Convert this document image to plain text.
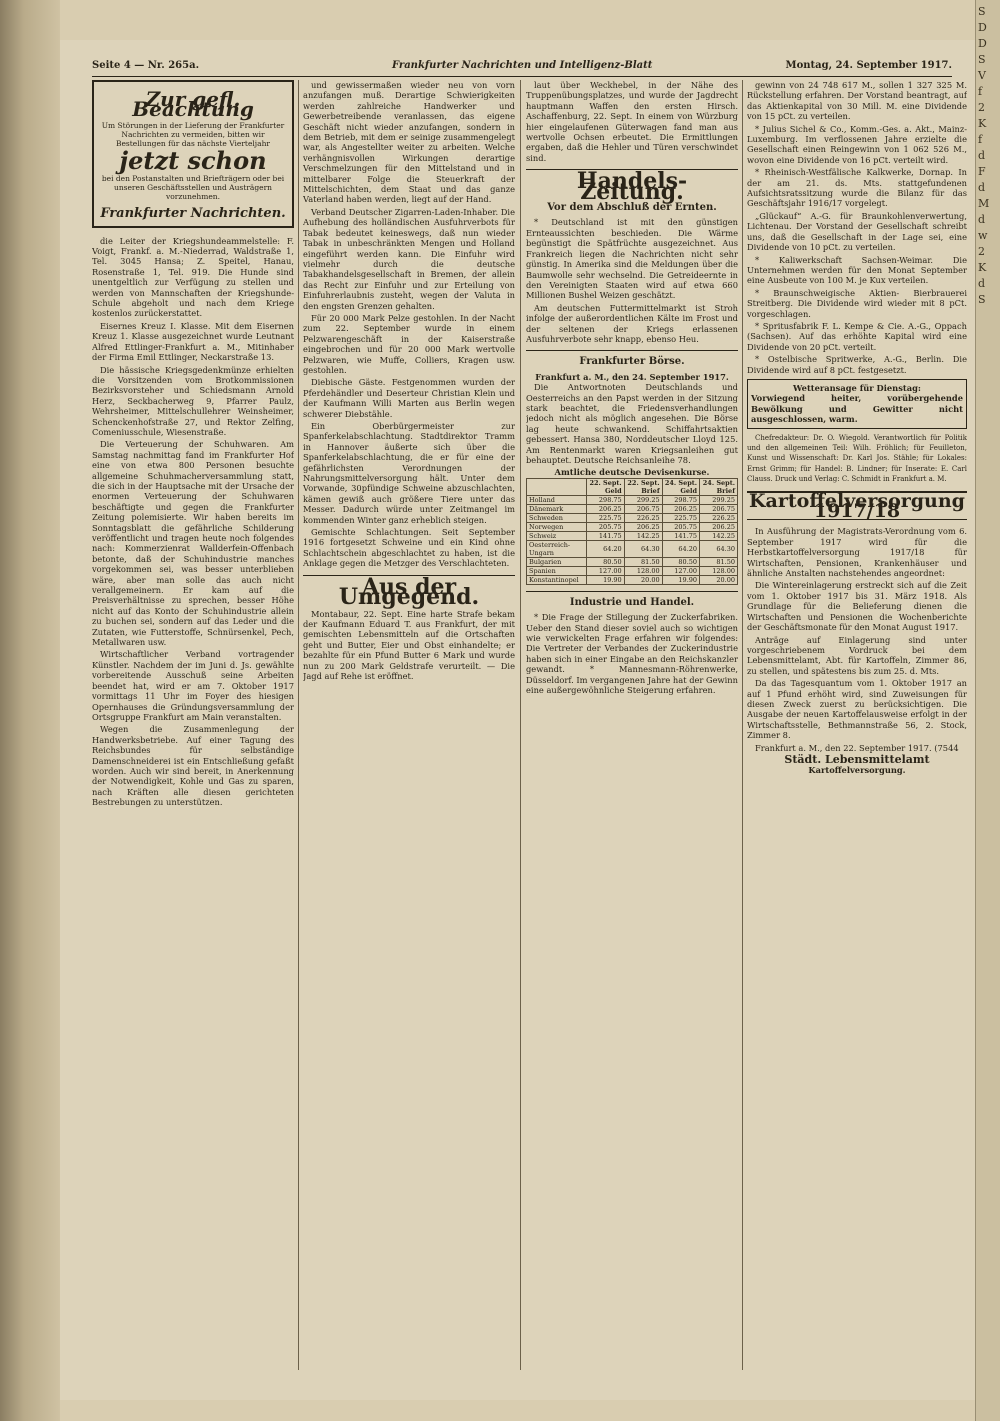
S
D
D
S
V
f
2
K
f
d
F
d
M
d
w
2
K
d
S
Seite 4 — Nr. 265a.	Frankfurter Nachrichten und Intelligenz-Blatt	Montag, 24. September 1917.
Zur gefl. Beachtung
Um Störungen in der Lieferung der Frankfurter Nachrichten zu vermeiden, bitten wir Bestellungen für das nächste Vierteljahr
jetzt schon
bei den Postanstalten und Briefträgern oder bei unseren Geschäftsstellen und Austrägern vorzunehmen.
Frankfurter Nachrichten.

die Leiter der Kriegshundeammelstelle: F. Voigt, Frankf. a. M.-Niederrad, Waldstraße 1, Tel. 3045 Hansa; Z. Speitel, Hanau, Rosenstraße 1, Tel. 919. Die Hunde sind unentgeltlich zur Verfügung zu stellen und werden von Mannschaften der Kriegshunde-Schule abgeholt und nach dem Kriege kostenlos zurückerstattet.

Eisernes Kreuz I. Klasse. Mit dem Eisernen Kreuz 1. Klasse ausgezeichnet wurde Leutnant Alfred Ettlinger-Frankfurt a. M., Mitinhaber der Firma Emil Ettlinger, Neckarstraße 13.

Die hässische Kriegsgedenkmünze erhielten die Vorsitzenden vom Brotkommissionen Bezirksvorsteher und Schiedsmann Arnold Herz, Seckbacherweg 9, Pfarrer Paulz, Wehrsheimer, Mittelschullehrer Weinsheimer, Schenckenhofstraße 27, und Rektor Zelfing, Comeniusschule, Wiesenstraße.

Die Verteuerung der Schuhwaren. Am Samstag nachmittag fand im Frankfurter Hof eine von etwa 800 Personen besuchte allgemeine Schuhmacherversammlung statt, die sich in der Hauptsache mit der Ursache der enormen Verteuerung der Schuhwaren beschäftigte und gegen die Frankfurter Zeitung polemisierte. Wir haben bereits im Sonntagsblatt die gefährliche Schilderung veröffentlicht und tragen heute noch folgendes nach: Kommerzienrat Wallderfein-Offenbach betonte, daß der Schuhindustrie manches vorgekommen sei, was besser unterblieben wäre, aber man solle das auch nicht verallgemeinern. Er kam auf die Preisverhältnisse zu sprechen, besser Höhe nicht auf das Konto der Schuhindustrie allein zu buchen sei, sondern auf das Leder und die Zutaten, wie Futterstoffe, Schnürsenkel, Pech, Metallwaren usw.

Wirtschaftlicher Verband vortragender Künstler. Nachdem der im Juni d. Js. gewählte vorbereitende Ausschuß seine Arbeiten beendet hat, wird er am 7. Oktober 1917 vormittags 11 Uhr im Foyer des hiesigen Opernhauses die Gründungsversammlung der Ortsgruppe Frankfurt am Main veranstalten.

Wegen die Zusammenlegung der Handwerksbetriebe. Auf einer Tagung des Reichsbundes für selbständige Damenschneiderei ist ein Entschließung gefaßt worden. Auch wir sind bereit, in Anerkennung der Notwendigkeit, Kohle und Gas zu sparen, nach Kräften alle diesen gerichteten Bestrebungen zu unterstützen.

und gewissermaßen wieder neu von vorn anzufangen muß. Derartige Schwierigkeiten werden zahlreiche Handwerker und Gewerbetreibende veranlassen, das eigene Geschäft nicht wieder anzufangen, sondern in dem Betrieb, mit dem er seinige zusammengelegt war, als Angestellter weiter zu arbeiten. Welche verhängnisvollen Wirkungen derartige Verschmelzungen für den Mittelstand und in mittelbarer Folge die Steuerkraft der Mittelschichten, dem Staat und das ganze Vaterland haben werden, liegt auf der Hand.

Verband Deutscher Zigarren-Laden-Inhaber. Die Aufhebung des holländischen Ausfuhrverbots für Tabak bedeutet keineswegs, daß nun wieder Tabak in unbeschränkten Mengen und Holland eingeführt werden kann. Die Einfuhr wird vielmehr durch die deutsche Tabakhandelsgesellschaft in Bremen, der allein das Recht zur Einfuhr und zur Erteilung von Einfuhrerlaubnis zusteht, wegen der Valuta in den engsten Grenzen gehalten.

Für 20 000 Mark Pelze gestohlen. In der Nacht zum 22. September wurde in einem Pelzwarengeschäft in der Kaiserstraße eingebrochen und für 20 000 Mark wertvolle Pelzwaren, wie Muffe, Colliers, Kragen usw. gestohlen.

Diebische Gäste. Festgenommen wurden der Pferdehändler und Deserteur Christian Klein und der Kaufmann Willi Marten aus Berlin wegen schwerer Diebstähle.

Ein Oberbürgermeister zur Spanferkelabschlachtung. Stadtdirektor Tramm in Hannover äußerte sich über die Spanferkelabschlachtung, die er für eine der gefährlichsten Verordnungen der Nahrungsmittelversorgung hält. Unter dem Vorwande, 30pfündige Schweine abzuschlachten, kämen gewiß auch größere Tiere unter das Messer. Dadurch würde unter Zeitmangel im kommenden Winter ganz erheblich steigen.

Gemischte Schlachtungen. Seit September 1916 fortgesetzt Schweine und ein Kind ohne Schlachtschein abgeschlachtet zu haben, ist die Anklage gegen die Metzger des Verschlachteten.

Aus der Umgegend.

Montabaur, 22. Sept. Eine harte Strafe bekam der Kaufmann Eduard T. aus Frankfurt, der mit gemischten Lebensmitteln auf die Ortschaften geht und Butter, Eier und Obst einhandelte; er bezahlte für ein Pfund Butter 6 Mark und wurde nun zu 200 Mark Geldstrafe verurteilt. — Die Jagd auf Rehe ist eröffnet.

laut über Weckhebel, in der Nähe des Truppenübungsplatzes, und wurde der Jagdrecht hauptmann Waffen den ersten Hirsch. Aschaffenburg, 22. Sept. In einem von Würzburg hier eingelaufenen Güterwagen fand man aus wertvolle Ochsen erbeutet. Die Ermittlungen ergaben, daß die Hehler und Türen verschwindet sind.

Handels-Zeitung.
Vor dem Abschluß der Ernten.

* Deutschland ist mit den günstigen Ernteaussichten beschieden. Die Wärme begünstigt die Spätfrüchte ausgezeichnet. Aus Frankreich liegen die Nachrichten nicht sehr günstig. In Amerika sind die Meldungen über die Baumwolle sehr wechselnd. Die Getreideernte in den Vereinigten Staaten wird auf etwa 660 Millionen Bushel Weizen geschätzt.

Am deutschen Futtermittelmarkt ist Stroh infolge der außerordentlichen Kälte im Frost und der seltenen der Kriegs erlassenen Ausfuhrverbote sehr knapp, ebenso Heu.

Frankfurter Börse.
Frankfurt a. M., den 24. September 1917.

Die Antwortnoten Deutschlands und Oesterreichs an den Papst werden in der Sitzung stark beachtet, die Friedensverhandlungen jedoch nicht als möglich angesehen. Die Börse lag heute schwankend. Schiffahrtsaktien gebessert. Hansa 380, Norddeutscher Lloyd 125. Am Rentenmarkt waren Kriegsanleihen gut behauptet. Deutsche Reichsanleihe 78.

Amtliche deutsche Devisenkurse.
	22. Sept. Geld	22. Sept. Brief	24. Sept. Geld	24. Sept. Brief
Holland	298.75	299.25	298.75	299.25
Dänemark	206.25	206.75	206.25	206.75
Schweden	225.75	226.25	225.75	226.25
Norwegen	205.75	206.25	205.75	206.25
Schweiz	141.75	142.25	141.75	142.25
Oesterreich-Ungarn	64.20	64.30	64.20	64.30
Bulgarien	80.50	81.50	80.50	81.50
Spanien	127.00	128.00	127.00	128.00
Konstantinopel	19.90	20.00	19.90	20.00
Industrie und Handel.

* Die Frage der Stillegung der Zuckerfabriken. Ueber den Stand dieser soviel auch so wichtigen wie verwickelten Frage erfahren wir folgendes: Die Vertreter der Verbandes der Zuckerindustrie haben sich in einer Eingabe an den Reichskanzler gewandt. * Mannesmann-Röhrenwerke, Düsseldorf. Im vergangenen Jahre hat der Gewinn eine außergewöhnliche Steigerung erfahren.

gewinn von 24 748 617 M., sollen 1 327 325 M. Rückstellung erfahren. Der Vorstand beantragt, auf das Aktienkapital von 30 Mill. M. eine Dividende von 15 pCt. zu verteilen.

* Julius Sichel & Co., Komm.-Ges. a. Akt., Mainz-Luxemburg. Im verflossenen Jahre erzielte die Gesellschaft einen Reingewinn von 1 062 526 M., wovon eine Dividende von 16 pCt. verteilt wird.

* Rheinisch-Westfälische Kalkwerke, Dornap. In der am 21. ds. Mts. stattgefundenen Aufsichtsratssitzung wurde die Bilanz für das Geschäftsjahr 1916/17 vorgelegt.

„Glückauf“ A.-G. für Braunkohlenverwertung, Lichtenau. Der Vorstand der Gesellschaft schreibt uns, daß die Gesellschaft in der Lage sei, eine Dividende von 10 pCt. zu verteilen.

* Kaliwerkschaft Sachsen-Weimar. Die Unternehmen werden für den Monat September eine Ausbeute von 100 M. je Kux verteilen.

* Braunschweigische Aktien- Bierbrauerei Streitberg. Die Dividende wird wieder mit 8 pCt. vorgeschlagen.

* Spritusfabrik F. L. Kempe & Cie. A.-G., Oppach (Sachsen). Auf das erhöhte Kapital wird eine Dividende von 20 pCt. verteilt.

* Ostelbische Spritwerke, A.-G., Berlin. Die Dividende wird auf 8 pCt. festgesetzt.

Wetteransage für Dienstag:
Vorwiegend heiter, vorübergehende Bewölkung und Gewitter nicht ausgeschlossen, warm.

Chefredakteur: Dr. O. Wiegold. Verantwortlich für Politik und den allgemeinen Teil: Wilh. Fröhlich; für Feuilleton, Kunst und Wissenschaft: Dr. Karl Jos. Stähle; für Lokales: Ernst Grimm; für Handel: B. Lindner; für Inserate: E. Carl Clauss. Druck und Verlag: C. Schmidt in Frankfurt a. M.

Kartoffelversorgung 1917/18

In Ausführung der Magistrats-Verordnung vom 6. September 1917 wird für die Herbstkartoffelversorgung 1917/18 für Wirtschaften, Pensionen, Krankenhäuser und ähnliche Anstalten nachstehendes angeordnet:

Die Wintereinlagerung erstreckt sich auf die Zeit vom 1. Oktober 1917 bis 31. März 1918. Als Grundlage für die Belieferung dienen die Wirtschaften und Pensionen die Wochenberichte der Geschäftsmonate für den Monat August 1917.

Anträge auf Einlagerung sind unter vorgeschriebenem Vordruck bei dem Lebensmittelamt, Abt. für Kartoffeln, Zimmer 86, zu stellen, und spätestens bis zum 25. d. Mts.

Da das Tagesquantum vom 1. Oktober 1917 an auf 1 Pfund erhöht wird, sind Zuweisungen für diesen Zweck zuerst zu berücksichtigen. Die Ausgabe der neuen Kartoffelausweise erfolgt in der Wirtschaftsstelle, Bethmannstraße 56, 2. Stock, Zimmer 8.

Frankfurt a. M., den 22. September 1917. (7544

Städt. Lebensmittelamt
Kartoffelversorgung.
